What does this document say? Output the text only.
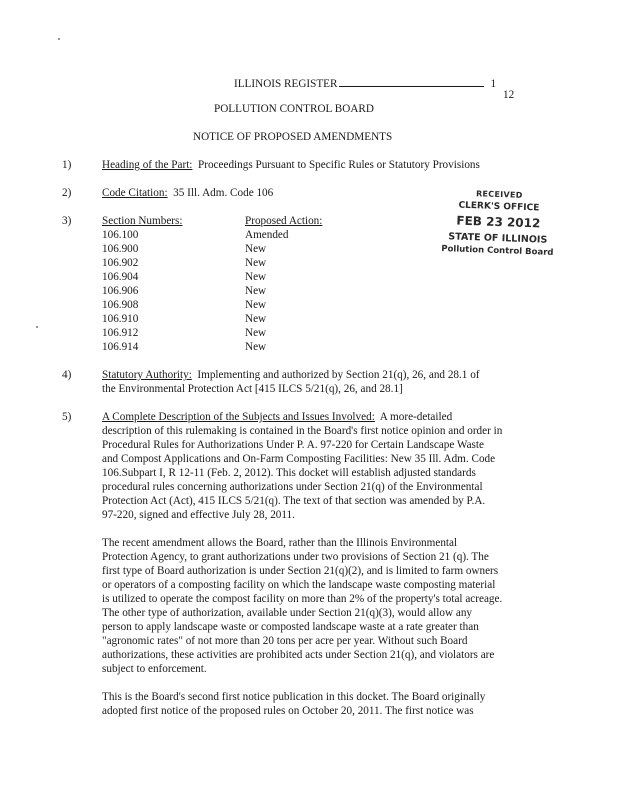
ILLINOIS REGISTER	1
12
POLLUTION CONTROL BOARD
NOTICE OF PROPOSED AMENDMENTS
1)	Heading of the Part: Proceedings Pursuant to Specific Rules or Statutory Provisions
2)	Code Citation: 35 Ill. Adm. Code 106
3)	Section Numbers:	Proposed Action:
106.100	Amended
106.900	New
106.902	New
106.904	New
106.906	New
106.908	New
106.910	New
106.912	New
106.914	New
RECEIVED
CLERK'S OFFICE
FEB 23 2012
STATE OF ILLINOIS
Pollution Control Board
4)	Statutory Authority: Implementing and authorized by Section 21(q), 26, and 28.1 of
the Environmental Protection Act [415 ILCS 5/21(q), 26, and 28.1]
5)	A Complete Description of the Subjects and Issues Involved: A more-detailed
description of this rulemaking is contained in the Board's first notice opinion and order in
Procedural Rules for Authorizations Under P. A. 97-220 for Certain Landscape Waste
and Compost Applications and On-Farm Composting Facilities: New 35 Ill. Adm. Code
106.Subpart I, R 12-11 (Feb. 2, 2012). This docket will establish adjusted standards
procedural rules concerning authorizations under Section 21(q) of the Environmental
Protection Act (Act), 415 ILCS 5/21(q). The text of that section was amended by P.A.
97-220, signed and effective July 28, 2011.
The recent amendment allows the Board, rather than the Illinois Environmental
Protection Agency, to grant authorizations under two provisions of Section 21 (q). The
first type of Board authorization is under Section 21(q)(2), and is limited to farm owners
or operators of a composting facility on which the landscape waste composting material
is utilized to operate the compost facility on more than 2% of the property's total acreage.
The other type of authorization, available under Section 21(q)(3), would allow any
person to apply landscape waste or composted landscape waste at a rate greater than
"agronomic rates" of not more than 20 tons per acre per year. Without such Board
authorizations, these activities are prohibited acts under Section 21(q), and violators are
subject to enforcement.
This is the Board's second first notice publication in this docket. The Board originally
adopted first notice of the proposed rules on October 20, 2011. The first notice was
